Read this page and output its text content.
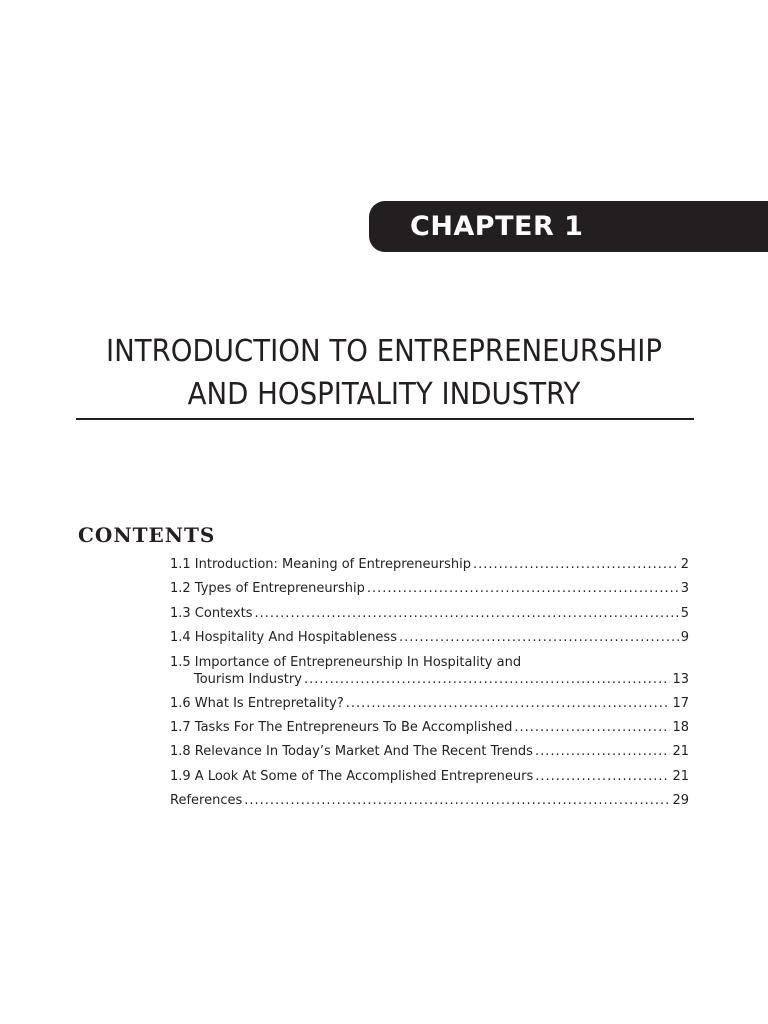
CHAPTER 1
INTRODUCTION TO ENTREPRENEURSHIP
AND HOSPITALITY INDUSTRY
CONTENTS
1.1 Introduction: Meaning of Entrepreneurship .....	2
1.2 Types of Entrepreneurship .....	3
1.3 Contexts .....	5
1.4 Hospitality And Hospitableness .....	9
1.5 Importance of Entrepreneurship In Hospitality and
Tourism Industry .....	13
1.6 What Is Entrepretality? .....	17
1.7 Tasks For The Entrepreneurs To Be Accomplished .....	18
1.8 Relevance In Today’s Market And The Recent Trends .....	21
1.9 A Look At Some of The Accomplished Entrepreneurs .....	21
References .....	29
